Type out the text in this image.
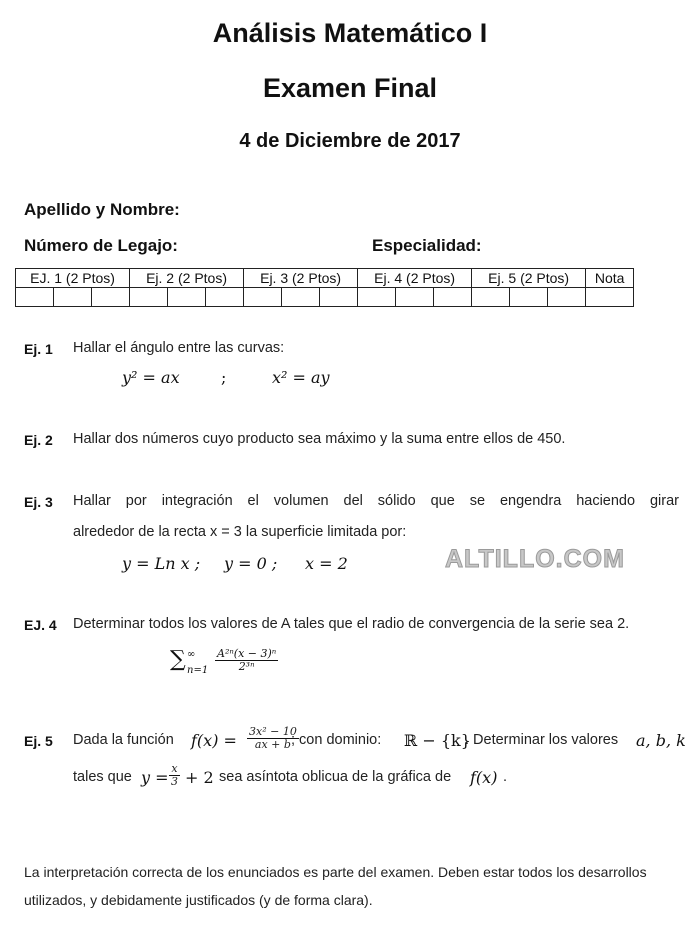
Análisis Matemático I
Examen Final
4 de Diciembre de 2017
Apellido y Nombre:
Número de Legajo:	Especialidad:
EJ. 1 (2 Ptos)			Ej. 2 (2 Ptos)			Ej. 3 (2 Ptos)			Ej. 4 (2 Ptos)			Ej. 5 (2 Ptos)			Nota

Ej. 1 Hallar el ángulo entre las curvas:
y² = ax	;	x² = ay
Ej. 2 Hallar dos números cuyo producto sea máximo y la suma entre ellos de 450.
Ej. 3 Hallar por integración el volumen del sólido que se engendra haciendo girar
alrededor de la recta x = 3 la superficie limitada por:
y = Ln x ; y = 0 ; x = 2	ALTILLO.COM
EJ. 4 Determinar todos los valores de A tales que el radio de convergencia de la serie sea 2.
∑ ∞
$n=1 \frac{\text{A²ⁿ(x − 3)ⁿ}}{\text{2³ⁿ}}$
Ej. 5 Dada la función $f(x) = \frac{\text{3x² − 10}}{ax + b}$
; con dominio: ℝ − {k}
. Determinar los valores a, b, k
tales que $y = \frac{x}{3} + 2$ sea asíntota oblicua de la gráfica de f(x) .
La interpretación correcta de los enunciados es parte del examen. Deben estar todos los desarrollos
utilizados, y debidamente justificados (y de forma clara).
